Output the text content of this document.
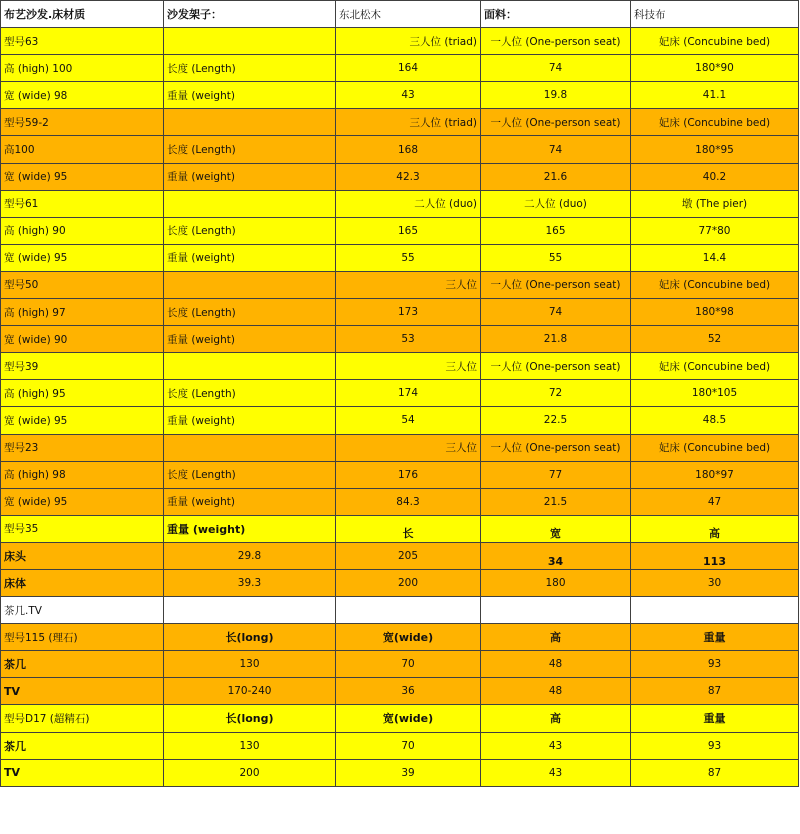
布艺沙发.床材质	沙发架子：	东北松木	面料：	科技布
型号63		三人位 (triad)	一人位 (One-person seat)	妃床 (Concubine bed)
高 (high) 100	长度 (Length)	164	74	180*90
宽 (wide) 98	重量 (weight)	43	19.8	41.1
型号59-2		三人位 (triad)	一人位 (One-person seat)	妃床 (Concubine bed)
高100	长度 (Length)	168	74	180*95
宽 (wide) 95	重量 (weight)	42.3	21.6	40.2
型号61		二人位 (duo)	二人位 (duo)	墩 (The pier)
高 (high) 90	长度 (Length)	165	165	77*80
宽 (wide) 95	重量 (weight)	55	55	14.4
型号50		三人位	一人位 (One-person seat)	妃床 (Concubine bed)
高 (high) 97	长度 (Length)	173	74	180*98
宽 (wide) 90	重量 (weight)	53	21.8	52
型号39		三人位	一人位 (One-person seat)	妃床 (Concubine bed)
高 (high) 95	长度 (Length)	174	72	180*105
宽 (wide) 95	重量 (weight)	54	22.5	48.5
型号23		三人位	一人位 (One-person seat)	妃床 (Concubine bed)
高 (high) 98	长度 (Length)	176	77	180*97
宽 (wide) 95	重量 (weight)	84.3	21.5	47
型号35	重量 (weight)	长	宽	高
床头	29.8	205	34	113
床体	39.3	200	180	30
茶几.TV				
型号115 (理石)	长(long)	宽(wide)	高	重量
茶几	130	70	48	93
TV	170-240	36	48	87
型号D17 (超精石)	长(long)	宽(wide)	高	重量
茶几	130	70	43	93
TV	200	39	43	87
